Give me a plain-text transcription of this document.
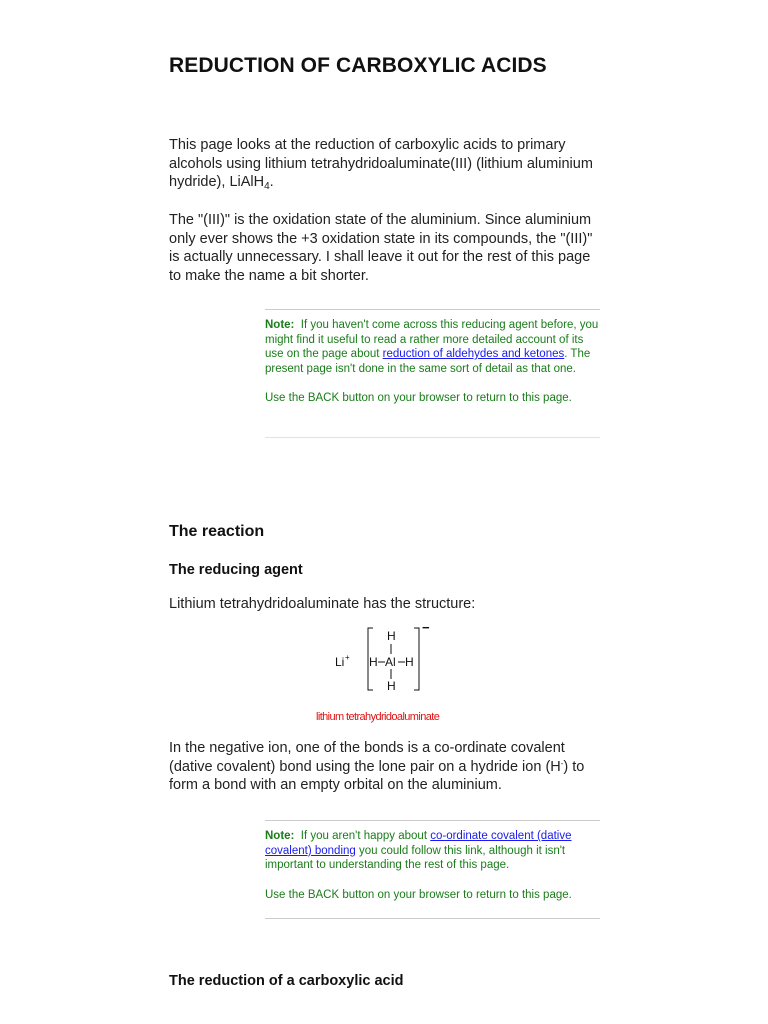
REDUCTION OF CARBOXYLIC ACIDS

This page looks at the reduction of carboxylic acids to primary alcohols using lithium tetrahydridoaluminate(III) (lithium aluminium hydride), LiAlH$_4$.

The "(III)" is the oxidation state of the aluminium. Since aluminium only ever shows the +3 oxidation state in its compounds, the "(III)" is actually unnecessary. I shall leave it out for the rest of this page to make the name a bit shorter.

Note: If you haven't come across this reducing agent before, you might find it useful to read a rather more detailed account of its use on the page about reduction of aldehydes and ketones. The present page isn't done in the same sort of detail as that one.
Use the BACK button on your browser to return to this page.
The reaction
The reducing agent

Lithium tetrahydridoaluminate has the structure:

Li +
−
H
H Al H
H
lithium tetrahydridoaluminate

In the negative ion, one of the bonds is a co-ordinate covalent (dative covalent) bond using the lone pair on a hydride ion (H-) to form a bond with an empty orbital on the aluminium.

Note: If you aren't happy about co-ordinate covalent (dative covalent) bonding you could follow this link, although it isn't important to understanding the rest of this page.
Use the BACK button on your browser to return to this page.
The reduction of a carboxylic acid
